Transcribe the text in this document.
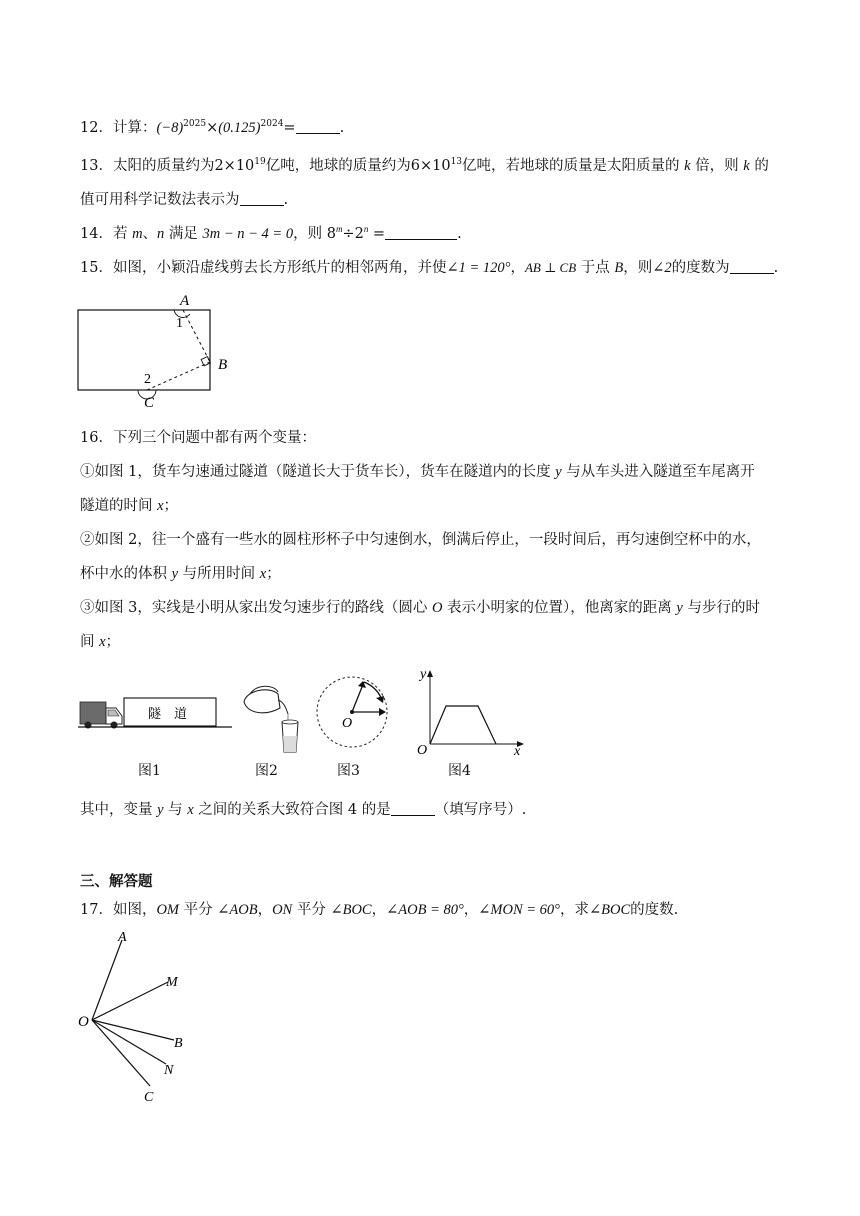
12．计算：$(-8)^{2025}\times(0.125)^{2024}=$	.
13．太阳的质量约为$2\times 10^{19}$亿吨，地球的质量约为$6\times 10^{13}$亿吨，若地球的质量是太阳质量的 k 倍，则 k 的
值可用科学记数法表示为	.
14．若 m、n 满足 3m − n − 4 = 0，则 $8^m\div 2^n$ =	.
15．如图，小颖沿虚线剪去长方形纸片的相邻两角，并使∠1 = 120°，AB ⊥ CB 于点 B，则∠2的度数为	.
A
1
B
2
C
16．下列三个问题中都有两个变量：
①如图 1，货车匀速通过隧道（隧道长大于货车长），货车在隧道内的长度 y 与从车头进入隧道至车尾离开
隧道的时间 x；
②如图 2，往一个盛有一些水的圆柱形杯子中匀速倒水，倒满后停止，一段时间后，再匀速倒空杯中的水，
杯中水的体积 y 与所用时间 x；
③如图 3，实线是小明从家出发匀速步行的路线（圆心 O 表示小明家的位置），他离家的距离 y 与步行的时
间 x；
隧　道
O
y
O	x
图1	图2	图3	图4
其中，变量 y 与 x 之间的关系大致符合图 4 的是	（填写序号）.
三、解答题
17．如图，OM 平分 ∠AOB，ON 平分 ∠BOC，∠AOB = 80°，∠MON = 60°，求∠BOC的度数.
A
M
O
B
N
C
